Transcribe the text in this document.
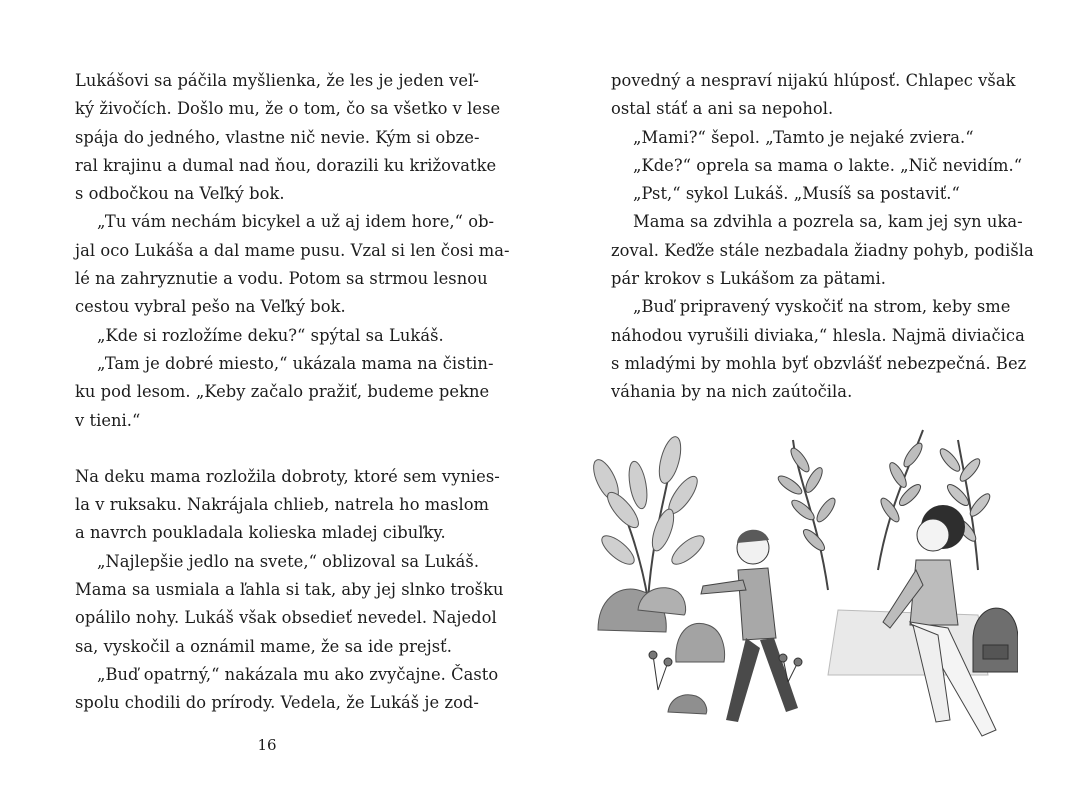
Lukášovi sa páčila myšlienka, že les je jeden veľ-

ký živočích. Došlo mu, že o tom, čo sa všetko v lese

spája do jedného, vlastne nič nevie. Kým si obze-

ral krajinu a dumal nad ňou, dorazili ku križovatke

s odbočkou na Veľký bok.

„Tu vám nechám bicykel a už aj idem hore,“ ob-

jal oco Lukáša a dal mame pusu. Vzal si len čosi ma-

lé na zahryznutie a vodu. Potom sa strmou lesnou

cestou vybral pešo na Veľký bok.

„Kde si rozložíme deku?“ spýtal sa Lukáš.

„Tam je dobré miesto,“ ukázala mama na čistin-

ku pod lesom. „Keby začalo pražiť, budeme pekne

v tieni.“

Na deku mama rozložila dobroty, ktoré sem vynies-

la v ruksaku. Nakrájala chlieb, natrela ho maslom

a navrch poukladala kolieska mladej cibuľky.

„Najlepšie jedlo na svete,“ oblizoval sa Lukáš.

Mama sa usmiala a ľahla si tak, aby jej slnko trošku

opálilo nohy. Lukáš však obsedieť nevedel. Najedol

sa, vyskočil a oznámil mame, že sa ide prejsť.

„Buď opatrný,“ nakázala mu ako zvyčajne. Často

spolu chodili do prírody. Vedela, že Lukáš je zod-

16

povedný a nespraví nijakú hlúposť. Chlapec však

ostal stáť a ani sa nepohol.

„Mami?“ šepol. „Tamto je nejaké zviera.“

„Kde?“ oprela sa mama o lakte. „Nič nevidím.“

„Pst,“ sykol Lukáš. „Musíš sa postaviť.“

Mama sa zdvihla a pozrela sa, kam jej syn uka-

zoval. Keďže stále nezbadala žiadny pohyb, podišla

pár krokov s Lukášom za pätami.

„Buď pripravený vyskočiť na strom, keby sme

náhodou vyrušili diviaka,“ hlesla. Najmä diviačica

s mladými by mohla byť obzvlášť nebezpečná. Bez

váhania by na nich zaútočila.
